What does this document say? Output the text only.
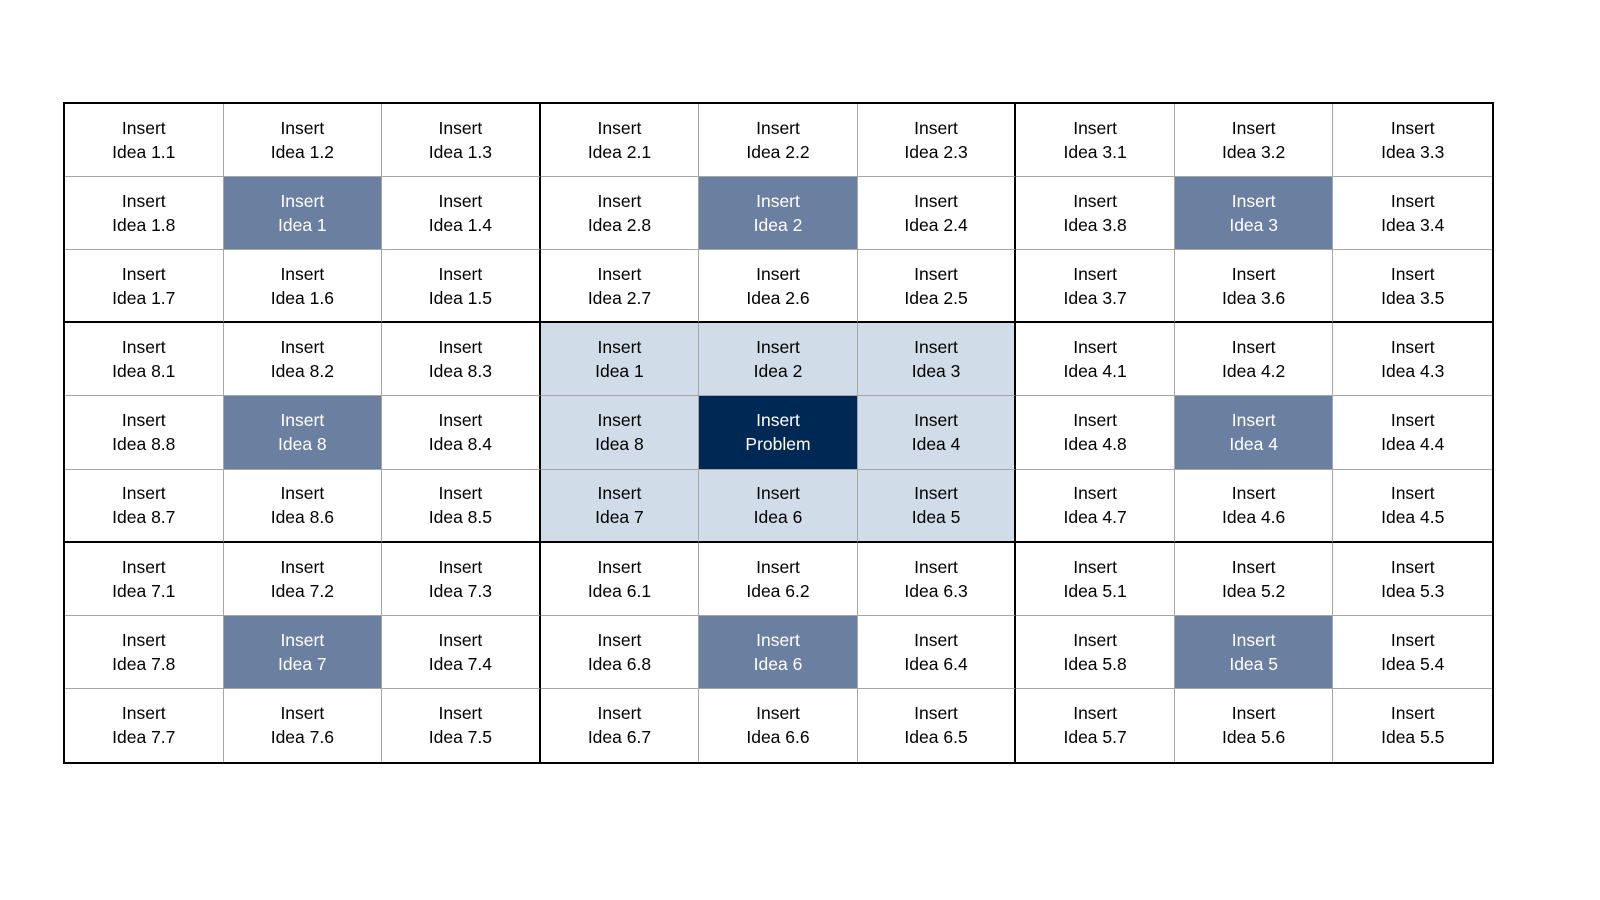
Insert
Idea 1.1
Insert
Idea 1.2
Insert
Idea 1.3
Insert
Idea 2.1
Insert
Idea 2.2
Insert
Idea 2.3
Insert
Idea 3.1
Insert
Idea 3.2
Insert
Idea 3.3
Insert
Idea 1.8
Insert
Idea 1
Insert
Idea 1.4
Insert
Idea 2.8
Insert
Idea 2
Insert
Idea 2.4
Insert
Idea 3.8
Insert
Idea 3
Insert
Idea 3.4
Insert
Idea 1.7
Insert
Idea 1.6
Insert
Idea 1.5
Insert
Idea 2.7
Insert
Idea 2.6
Insert
Idea 2.5
Insert
Idea 3.7
Insert
Idea 3.6
Insert
Idea 3.5
Insert
Idea 8.1
Insert
Idea 8.2
Insert
Idea 8.3
Insert
Idea 1
Insert
Idea 2
Insert
Idea 3
Insert
Idea 4.1
Insert
Idea 4.2
Insert
Idea 4.3
Insert
Idea 8.8
Insert
Idea 8
Insert
Idea 8.4
Insert
Idea 8
Insert
Problem
Insert
Idea 4
Insert
Idea 4.8
Insert
Idea 4
Insert
Idea 4.4
Insert
Idea 8.7
Insert
Idea 8.6
Insert
Idea 8.5
Insert
Idea 7
Insert
Idea 6
Insert
Idea 5
Insert
Idea 4.7
Insert
Idea 4.6
Insert
Idea 4.5
Insert
Idea 7.1
Insert
Idea 7.2
Insert
Idea 7.3
Insert
Idea 6.1
Insert
Idea 6.2
Insert
Idea 6.3
Insert
Idea 5.1
Insert
Idea 5.2
Insert
Idea 5.3
Insert
Idea 7.8
Insert
Idea 7
Insert
Idea 7.4
Insert
Idea 6.8
Insert
Idea 6
Insert
Idea 6.4
Insert
Idea 5.8
Insert
Idea 5
Insert
Idea 5.4
Insert
Idea 7.7
Insert
Idea 7.6
Insert
Idea 7.5
Insert
Idea 6.7
Insert
Idea 6.6
Insert
Idea 6.5
Insert
Idea 5.7
Insert
Idea 5.6
Insert
Idea 5.5
